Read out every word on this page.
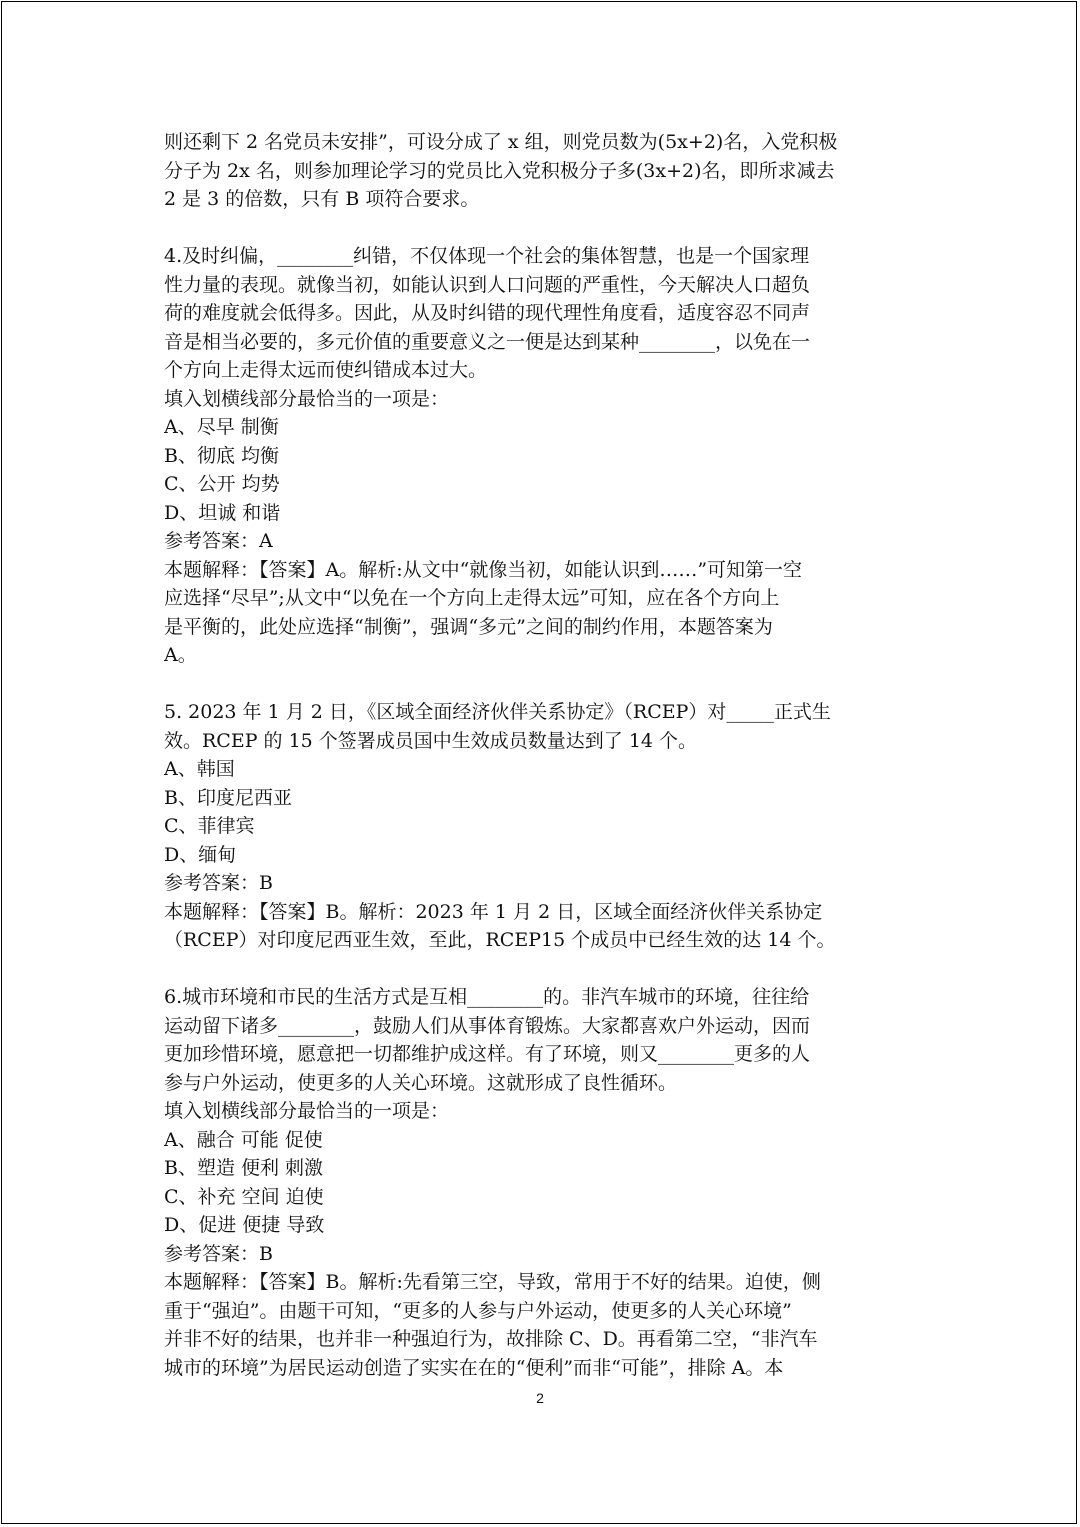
则还剩下 2 名党员未安排”，可设分成了 x 组，则党员数为(5x+2)名，入党积极
分子为 2x 名，则参加理论学习的党员比入党积极分子多(3x+2)名，即所求减去
2 是 3 的倍数，只有 B 项符合要求。
4.及时纠偏，________纠错，不仅体现一个社会的集体智慧，也是一个国家理
性力量的表现。就像当初，如能认识到人口问题的严重性，今天解决人口超负
荷的难度就会低得多。因此，从及时纠错的现代理性角度看，适度容忍不同声
音是相当必要的，多元价值的重要意义之一便是达到某种________，以免在一
个方向上走得太远而使纠错成本过大。
填入划横线部分最恰当的一项是：
A、尽早 制衡
B、彻底 均衡
C、公开 均势
D、坦诚 和谐
参考答案：A
本题解释：【答案】A。解析:从文中“就像当初，如能认识到……”可知第一空
应选择“尽早”;从文中“以免在一个方向上走得太远”可知，应在各个方向上
是平衡的，此处应选择“制衡”，强调“多元”之间的制约作用，本题答案为
A。
5. 2023 年 1 月 2 日，《区域全面经济伙伴关系协定》（RCEP）对_____正式生
效。RCEP 的 15 个签署成员国中生效成员数量达到了 14 个。
A、韩国
B、印度尼西亚
C、菲律宾
D、缅甸
参考答案：B
本题解释：【答案】B。解析：2023 年 1 月 2 日，区域全面经济伙伴关系协定
（RCEP）对印度尼西亚生效，至此，RCEP15 个成员中已经生效的达 14 个。
6.城市环境和市民的生活方式是互相________的。非汽车城市的环境，往往给
运动留下诸多________，鼓励人们从事体育锻炼。大家都喜欢户外运动，因而
更加珍惜环境，愿意把一切都维护成这样。有了环境，则又________更多的人
参与户外运动，使更多的人关心环境。这就形成了良性循环。
填入划横线部分最恰当的一项是：
A、融合 可能 促使
B、塑造 便利 刺激
C、补充 空间 迫使
D、促进 便捷 导致
参考答案：B
本题解释：【答案】B。解析:先看第三空，导致，常用于不好的结果。迫使，侧
重于“强迫”。由题干可知，“更多的人参与户外运动，使更多的人关心环境”
并非不好的结果，也并非一种强迫行为，故排除 C、D。再看第二空，“非汽车
城市的环境”为居民运动创造了实实在在的“便利”而非“可能”，排除 A。本
2
